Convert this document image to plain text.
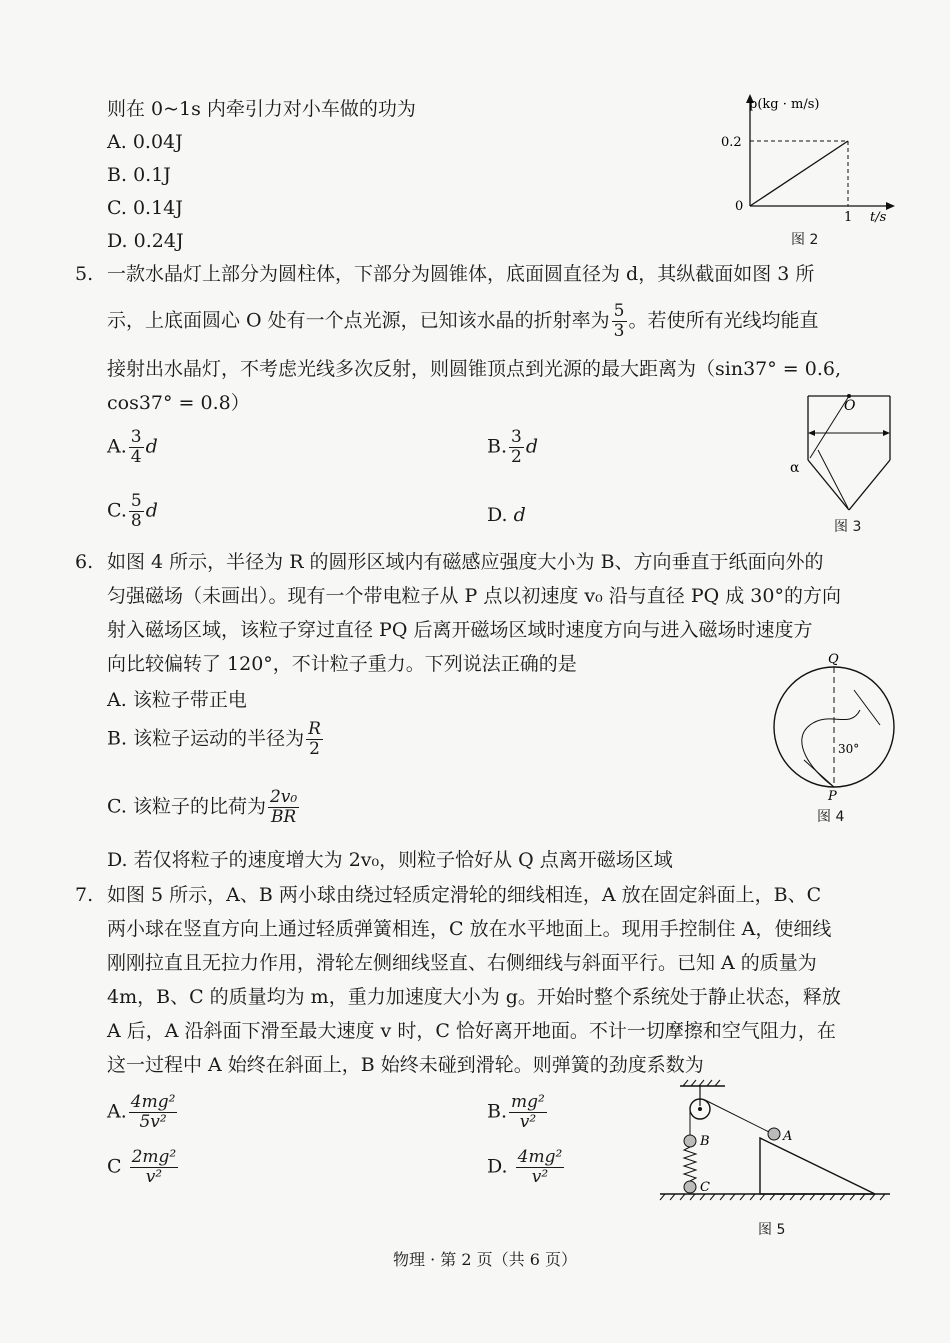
则在 0~1s 内牵引力对小车做的功为
A. 0.04J
B. 0.1J
C. 0.14J
D. 0.24J
p(kg · m/s)
0.2
0
1 t/s
图 2
5. 一款水晶灯上部分为圆柱体，下部分为圆锥体，底面圆直径为 d，其纵截面如图 3 所
示，上底面圆心 O 处有一个点光源，已知该水晶的折射率为 $\frac{5}{3}$ 。若使所有光线均能直
接射出水晶灯，不考虑光线多次反射，则圆锥顶点到光源的最大距离为（sin37° = 0.6,
cos37° = 0.8）
A. $\frac{3}{4}$ d	B. $\frac{3}{2}$ d
C. $\frac{5}{8}$ d	D. d
O
α
图 3
6. 如图 4 所示，半径为 R 的圆形区域内有磁感应强度大小为 B、方向垂直于纸面向外的
匀强磁场（未画出）。现有一个带电粒子从 P 点以初速度 v₀ 沿与直径 PQ 成 30°的方向
射入磁场区域，该粒子穿过直径 PQ 后离开磁场区域时速度方向与进入磁场时速度方
向比较偏转了 120°，不计粒子重力。下列说法正确的是
A. 该粒子带正电
B. 该粒子运动的半径为 $\frac{R}{2}$
C. 该粒子的比荷为 $\frac{\text{2v₀}}{BR}$
D. 若仅将粒子的速度增大为 2v₀，则粒子恰好从 Q 点离开磁场区域
Q
P
30°
图 4
7. 如图 5 所示，A、B 两小球由绕过轻质定滑轮的细线相连，A 放在固定斜面上，B、C
两小球在竖直方向上通过轻质弹簧相连，C 放在水平地面上。现用手控制住 A，使细线
刚刚拉直且无拉力作用，滑轮左侧细线竖直、右侧细线与斜面平行。已知 A 的质量为
4m，B、C 的质量均为 m，重力加速度大小为 g。开始时整个系统处于静止状态，释放
A 后，A 沿斜面下滑至最大速度 v 时，C 恰好离开地面。不计一切摩擦和空气阻力，在
这一过程中 A 始终在斜面上，B 始终未碰到滑轮。则弹簧的劲度系数为
A. $\frac{\text{4mg²}}{\text{5v²}}$	B. $\frac{\text{mg²}}{\text{v²}}$
C $\frac{\text{2mg²}}{\text{v²}}$	D. $\frac{\text{4mg²}}{\text{v²}}$
A
B
C
图 5
物理 · 第 2 页（共 6 页）
